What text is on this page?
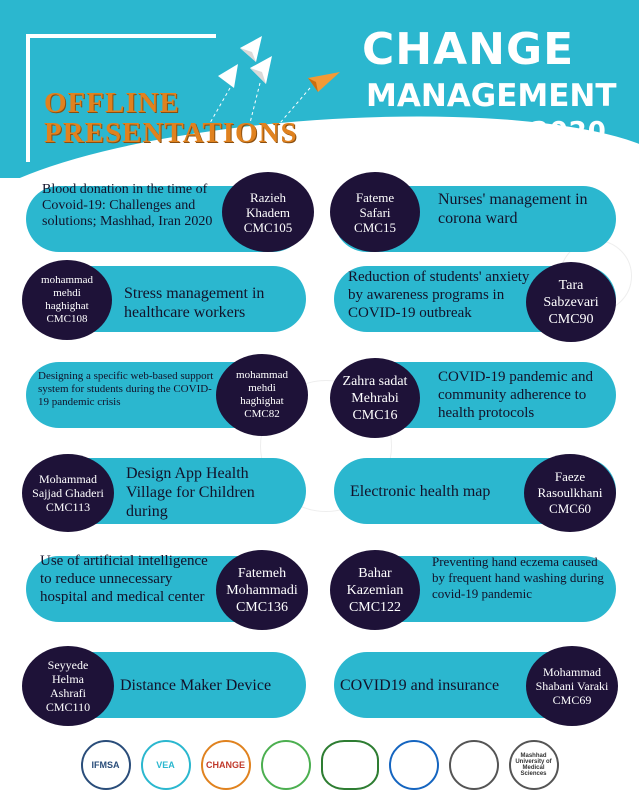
CHANGE
MANAGEMENT
CHALLENGE 2020
OFFLINE
PRESENTATIONS
Blood donation in the time of Covoid-19: Challenges and solutions; Mashhad, Iran 2020
Razieh
Khadem
CMC105
Fateme
Safari
CMC15
Nurses' management in corona ward
mohammad
mehdi
haghighat
CMC108
Stress management in healthcare workers
Reduction of students' anxiety by awareness programs in COVID-19 outbreak
Tara
Sabzevari
CMC90
Designing a specific web-based support system for students during the COVID-19 pandemic crisis
mohammad
mehdi
haghighat
CMC82
Zahra sadat
Mehrabi
CMC16
COVID-19 pandemic and community adherence to health protocols
Mohammad
Sajjad Ghaderi
CMC113
Design App Health Village for Children during
Electronic health map
Faeze
Rasoulkhani
CMC60
Use of artificial intelligence to reduce unnecessary hospital and medical center
Fatemeh
Mohammadi
CMC136
Bahar
Kazemian
CMC122
Preventing hand eczema caused by frequent hand washing during covid-19 pandemic
Seyyede
Helma
Ashrafi
CMC110
Distance Maker Device	COVID19 and insurance
Mohammad
Shabani Varaki
CMC69
IFMSA	VEA	CHANGE
Mashhad University of Medical Sciences
